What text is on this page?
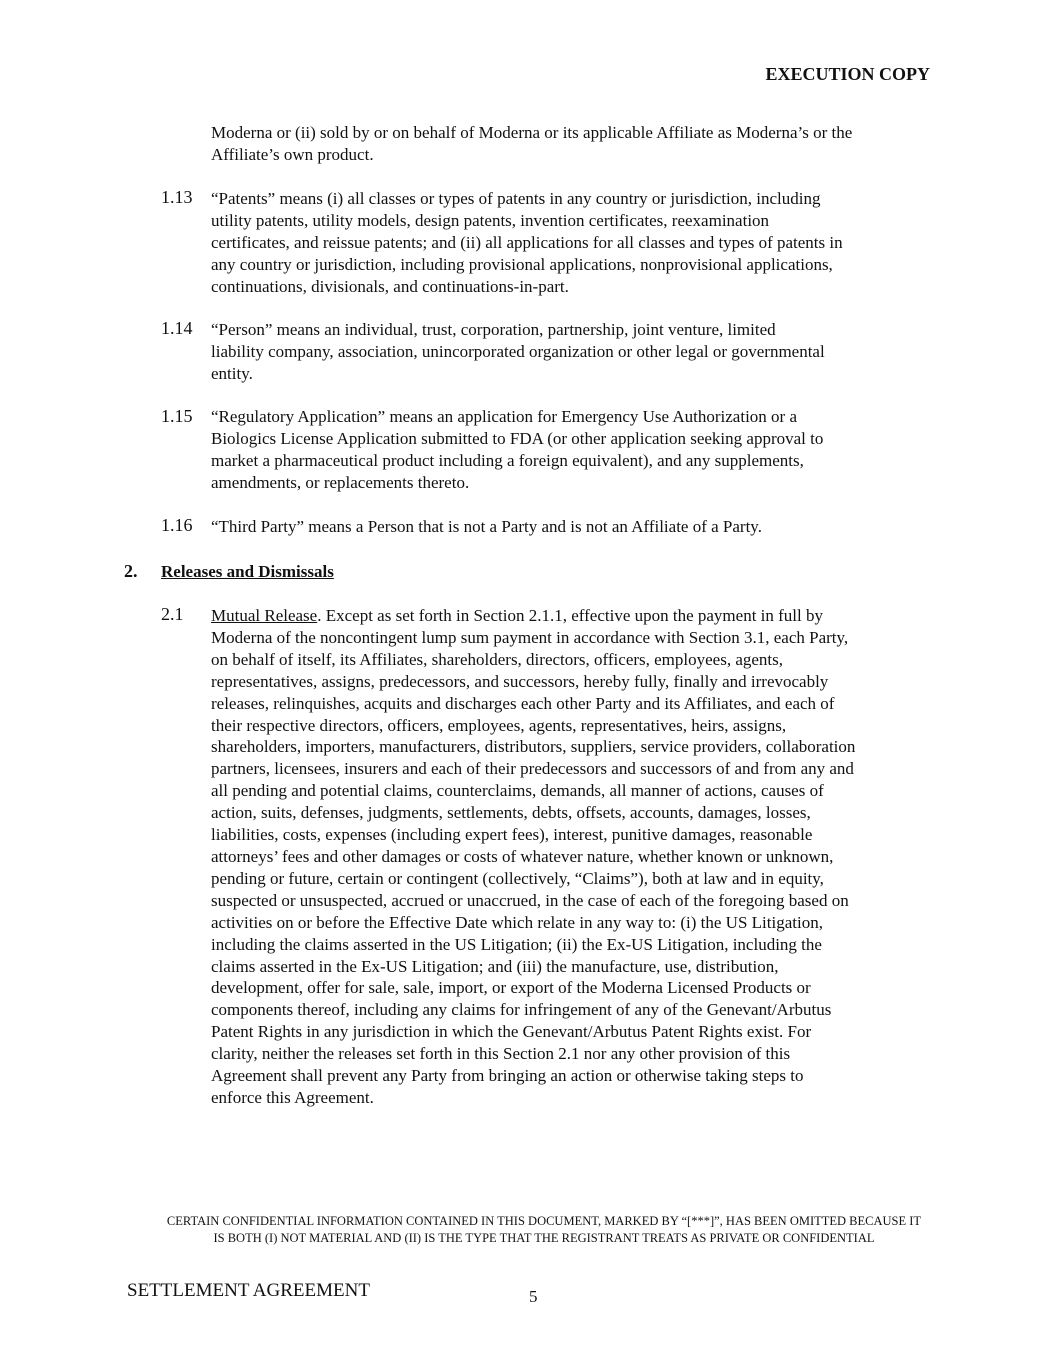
EXECUTION COPY
Moderna or (ii) sold by or on behalf of Moderna or its applicable Affiliate as Moderna’s or the
Affiliate’s own product.
1.13 “Patents” means (i) all classes or types of patents in any country or jurisdiction, including
utility patents, utility models, design patents, invention certificates, reexamination
certificates, and reissue patents; and (ii) all applications for all classes and types of patents in
any country or jurisdiction, including provisional applications, nonprovisional applications,
continuations, divisionals, and continuations-in-part.
1.14 “Person” means an individual, trust, corporation, partnership, joint venture, limited
liability company, association, unincorporated organization or other legal or governmental
entity.
1.15 “Regulatory Application” means an application for Emergency Use Authorization or a
Biologics License Application submitted to FDA (or other application seeking approval to
market a pharmaceutical product including a foreign equivalent), and any supplements,
amendments, or replacements thereto.
1.16 “Third Party” means a Person that is not a Party and is not an Affiliate of a Party.
2. Releases and Dismissals
2.1 Mutual Release. Except as set forth in Section 2.1.1, effective upon the payment in full by
Moderna of the noncontingent lump sum payment in accordance with Section 3.1, each Party,
on behalf of itself, its Affiliates, shareholders, directors, officers, employees, agents,
representatives, assigns, predecessors, and successors, hereby fully, finally and irrevocably
releases, relinquishes, acquits and discharges each other Party and its Affiliates, and each of
their respective directors, officers, employees, agents, representatives, heirs, assigns,
shareholders, importers, manufacturers, distributors, suppliers, service providers, collaboration
partners, licensees, insurers and each of their predecessors and successors of and from any and
all pending and potential claims, counterclaims, demands, all manner of actions, causes of
action, suits, defenses, judgments, settlements, debts, offsets, accounts, damages, losses,
liabilities, costs, expenses (including expert fees), interest, punitive damages, reasonable
attorneys’ fees and other damages or costs of whatever nature, whether known or unknown,
pending or future, certain or contingent (collectively, “Claims”), both at law and in equity,
suspected or unsuspected, accrued or unaccrued, in the case of each of the foregoing based on
activities on or before the Effective Date which relate in any way to: (i) the US Litigation,
including the claims asserted in the US Litigation; (ii) the Ex-US Litigation, including the
claims asserted in the Ex-US Litigation; and (iii) the manufacture, use, distribution,
development, offer for sale, sale, import, or export of the Moderna Licensed Products or
components thereof, including any claims for infringement of any of the Genevant/Arbutus
Patent Rights in any jurisdiction in which the Genevant/Arbutus Patent Rights exist. For
clarity, neither the releases set forth in this Section 2.1 nor any other provision of this
Agreement shall prevent any Party from bringing an action or otherwise taking steps to
enforce this Agreement.
CERTAIN CONFIDENTIAL INFORMATION CONTAINED IN THIS DOCUMENT, MARKED BY “[***]”, HAS BEEN OMITTED BECAUSE IT
IS BOTH (I) NOT MATERIAL AND (II) IS THE TYPE THAT THE REGISTRANT TREATS AS PRIVATE OR CONFIDENTIAL
SETTLEMENT AGREEMENT	5
